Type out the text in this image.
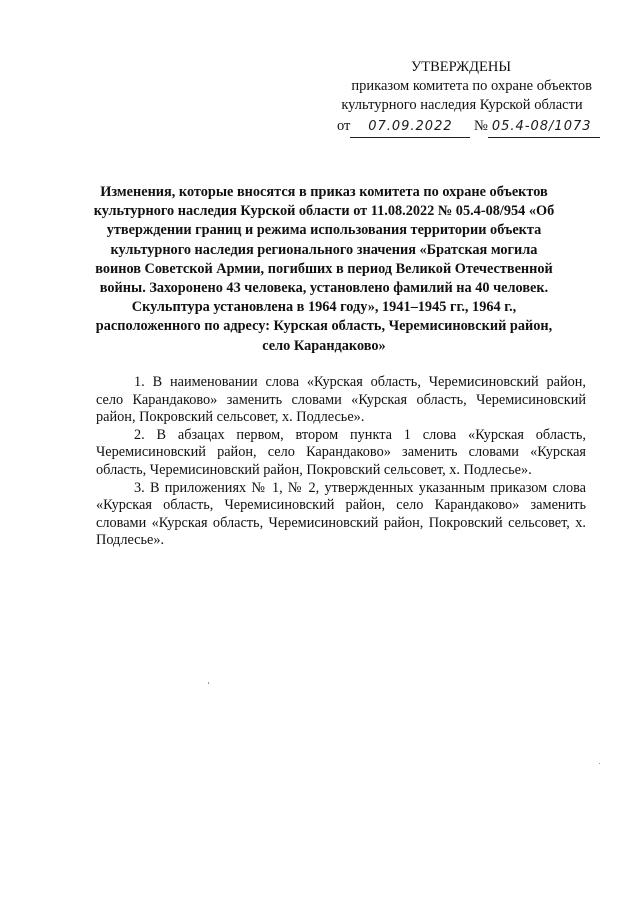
УТВЕРЖДЕНЫ
приказом комитета по охране объектов
культурного наследия Курской области
от 07.09.2022 № 05.4-08/1073
Изменения, которые вносятся в приказ комитета по охране объектов культурного наследия Курской области от 11.08.2022 № 05.4-08/954 «Об утверждении границ и режима использования территории объекта культурного наследия регионального значения «Братская могила воинов Советской Армии, погибших в период Великой Отечественной войны. Захоронено 43 человека, установлено фамилий на 40 человек. Скульптура установлена в 1964 году», 1941–1945 гг., 1964 г., расположенного по адресу: Курская область, Черемисиновский район, село Карандаково»

1. В наименовании слова «Курская область, Черемисиновский район, село Карандаково» заменить словами «Курская область, Черемисиновский район, Покровский сельсовет, х. Подлесье».

2. В абзацах первом, втором пункта 1 слова «Курская область, Черемисиновский район, село Карандаково» заменить словами «Курская область, Черемисиновский район, Покровский сельсовет, х. Подлесье».

3. В приложениях № 1, № 2, утвержденных указанным приказом слова «Курская область, Черемисиновский район, село Карандаково» заменить словами «Курская область, Черемисиновский район, Покровский сельсовет, х. Подлесье».
